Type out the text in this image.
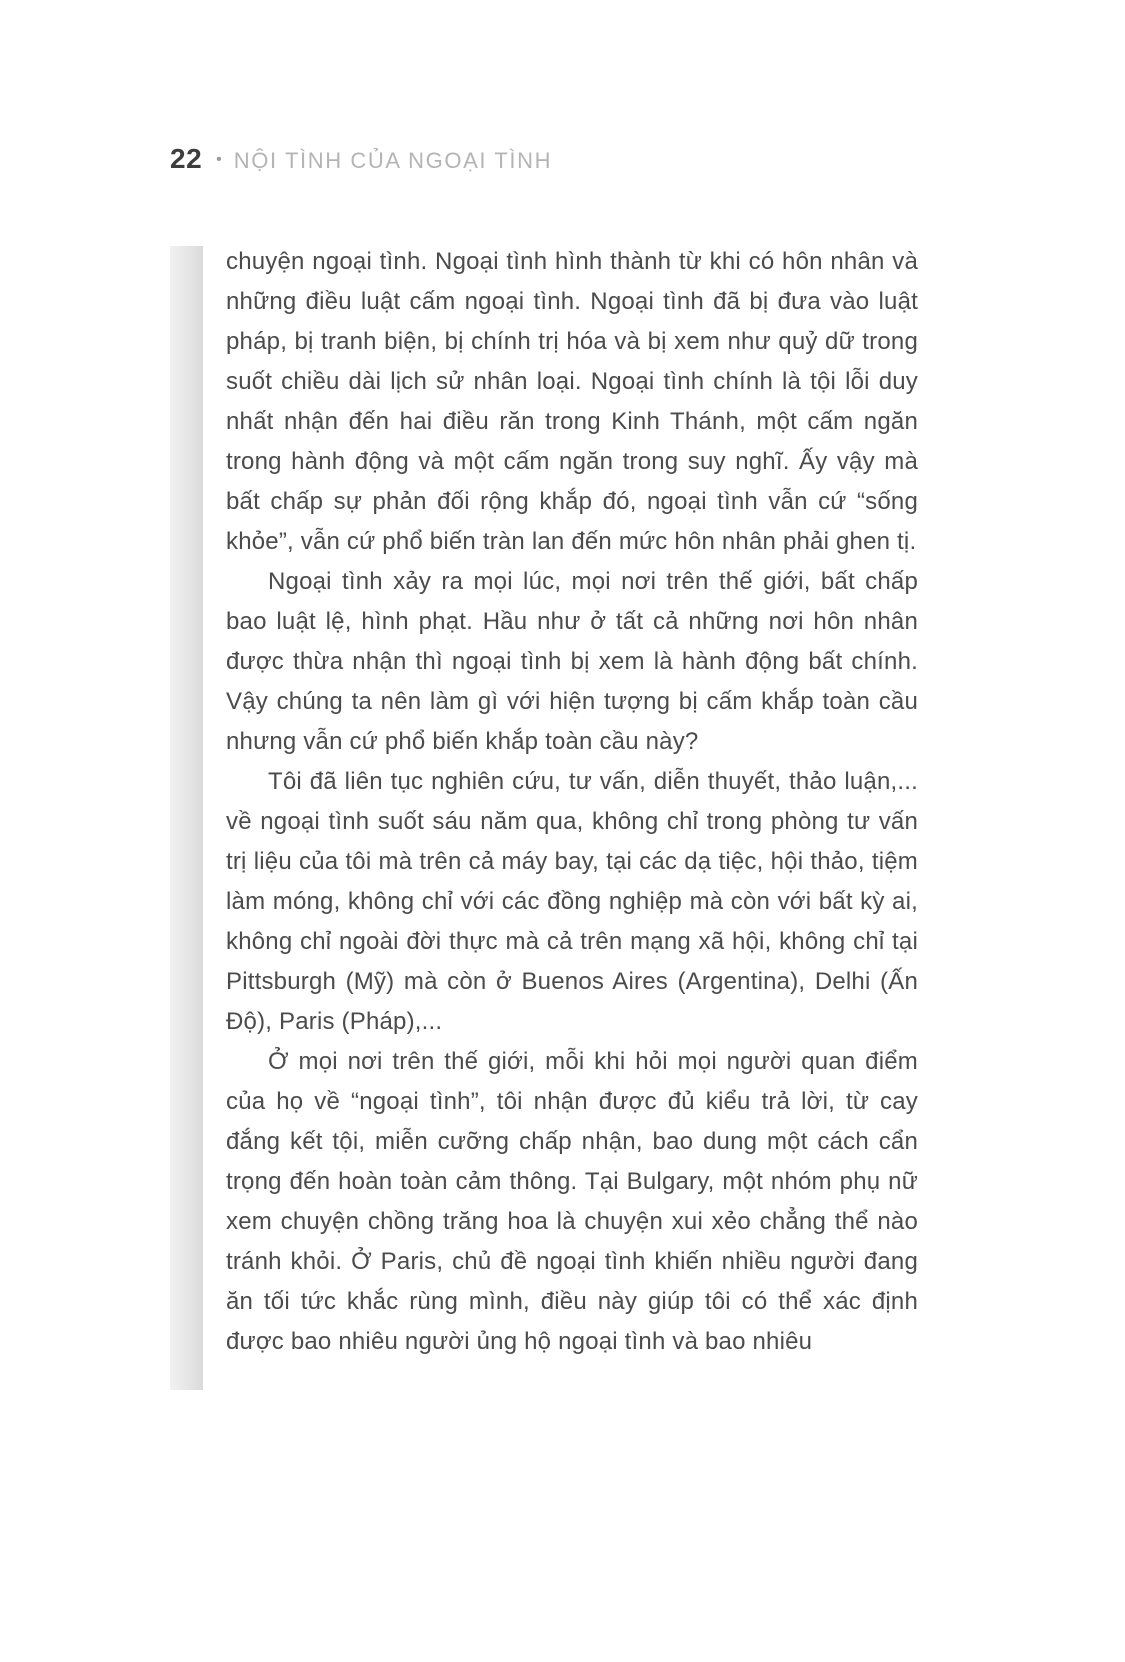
22 • NỘI TÌNH CỦA NGOẠI TÌNH

chuyện ngoại tình. Ngoại tình hình thành từ khi có hôn nhân và những điều luật cấm ngoại tình. Ngoại tình đã bị đưa vào luật pháp, bị tranh biện, bị chính trị hóa và bị xem như quỷ dữ trong suốt chiều dài lịch sử nhân loại. Ngoại tình chính là tội lỗi duy nhất nhận đến hai điều răn trong Kinh Thánh, một cấm ngăn trong hành động và một cấm ngăn trong suy nghĩ. Ấy vậy mà bất chấp sự phản đối rộng khắp đó, ngoại tình vẫn cứ “sống khỏe”, vẫn cứ phổ biến tràn lan đến mức hôn nhân phải ghen tị.

Ngoại tình xảy ra mọi lúc, mọi nơi trên thế giới, bất chấp bao luật lệ, hình phạt. Hầu như ở tất cả những nơi hôn nhân được thừa nhận thì ngoại tình bị xem là hành động bất chính. Vậy chúng ta nên làm gì với hiện tượng bị cấm khắp toàn cầu nhưng vẫn cứ phổ biến khắp toàn cầu này?

Tôi đã liên tục nghiên cứu, tư vấn, diễn thuyết, thảo luận,... về ngoại tình suốt sáu năm qua, không chỉ trong phòng tư vấn trị liệu của tôi mà trên cả máy bay, tại các dạ tiệc, hội thảo, tiệm làm móng, không chỉ với các đồng nghiệp mà còn với bất kỳ ai, không chỉ ngoài đời thực mà cả trên mạng xã hội, không chỉ tại Pittsburgh (Mỹ) mà còn ở Buenos Aires (Argentina), Delhi (Ấn Độ), Paris (Pháp),...

Ở mọi nơi trên thế giới, mỗi khi hỏi mọi người quan điểm của họ về “ngoại tình”, tôi nhận được đủ kiểu trả lời, từ cay đắng kết tội, miễn cưỡng chấp nhận, bao dung một cách cẩn trọng đến hoàn toàn cảm thông. Tại Bulgary, một nhóm phụ nữ xem chuyện chồng trăng hoa là chuyện xui xẻo chẳng thể nào tránh khỏi. Ở Paris, chủ đề ngoại tình khiến nhiều người đang ăn tối tức khắc rùng mình, điều này giúp tôi có thể xác định được bao nhiêu người ủng hộ ngoại tình và bao nhiêu
